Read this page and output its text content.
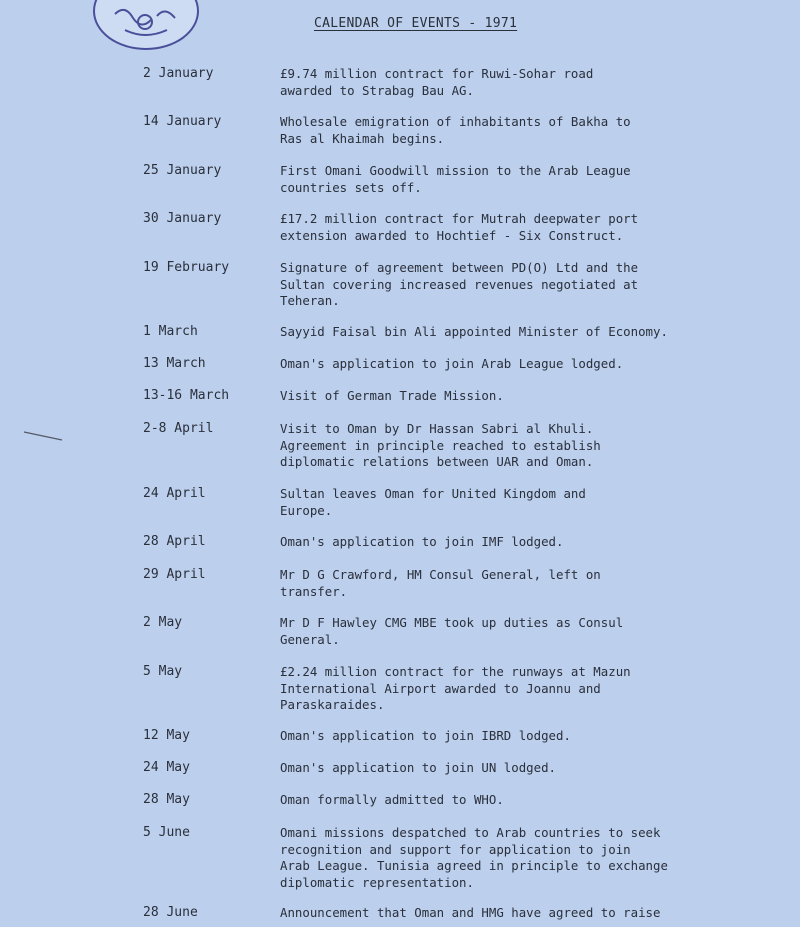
CALENDAR OF EVENTS - 1971
2 January	£9.74 million contract for Ruwi-Sohar road
awarded to Strabag Bau AG.
14 January	Wholesale emigration of inhabitants of Bakha to
Ras al Khaimah begins.
25 January	First Omani Goodwill mission to the Arab League
countries sets off.
30 January	£17.2 million contract for Mutrah deepwater port
extension awarded to Hochtief - Six Construct.
19 February	Signature of agreement between PD(O) Ltd and the
Sultan covering increased revenues negotiated at
Teheran.
1 March	Sayyid Faisal bin Ali appointed Minister of Economy.
13 March	Oman's application to join Arab League lodged.
13-16 March	Visit of German Trade Mission.
2-8 April	Visit to Oman by Dr Hassan Sabri al Khuli.
Agreement in principle reached to establish
diplomatic relations between UAR and Oman.
24 April	Sultan leaves Oman for United Kingdom and
Europe.
28 April	Oman's application to join IMF lodged.
29 April	Mr D G Crawford, HM Consul General, left on
transfer.
2 May	Mr D F Hawley CMG MBE took up duties as Consul
General.
5 May	£2.24 million contract for the runways at Mazun
International Airport awarded to Joannu and
Paraskaraides.
12 May	Oman's application to join IBRD lodged.
24 May	Oman's application to join UN lodged.
28 May	Oman formally admitted to WHO.
5 June	Omani missions despatched to Arab countries to seek
recognition and support for application to join
Arab League. Tunisia agreed in principle to exchange
diplomatic representation.
28 June	Announcement that Oman and HMG have agreed to raise
